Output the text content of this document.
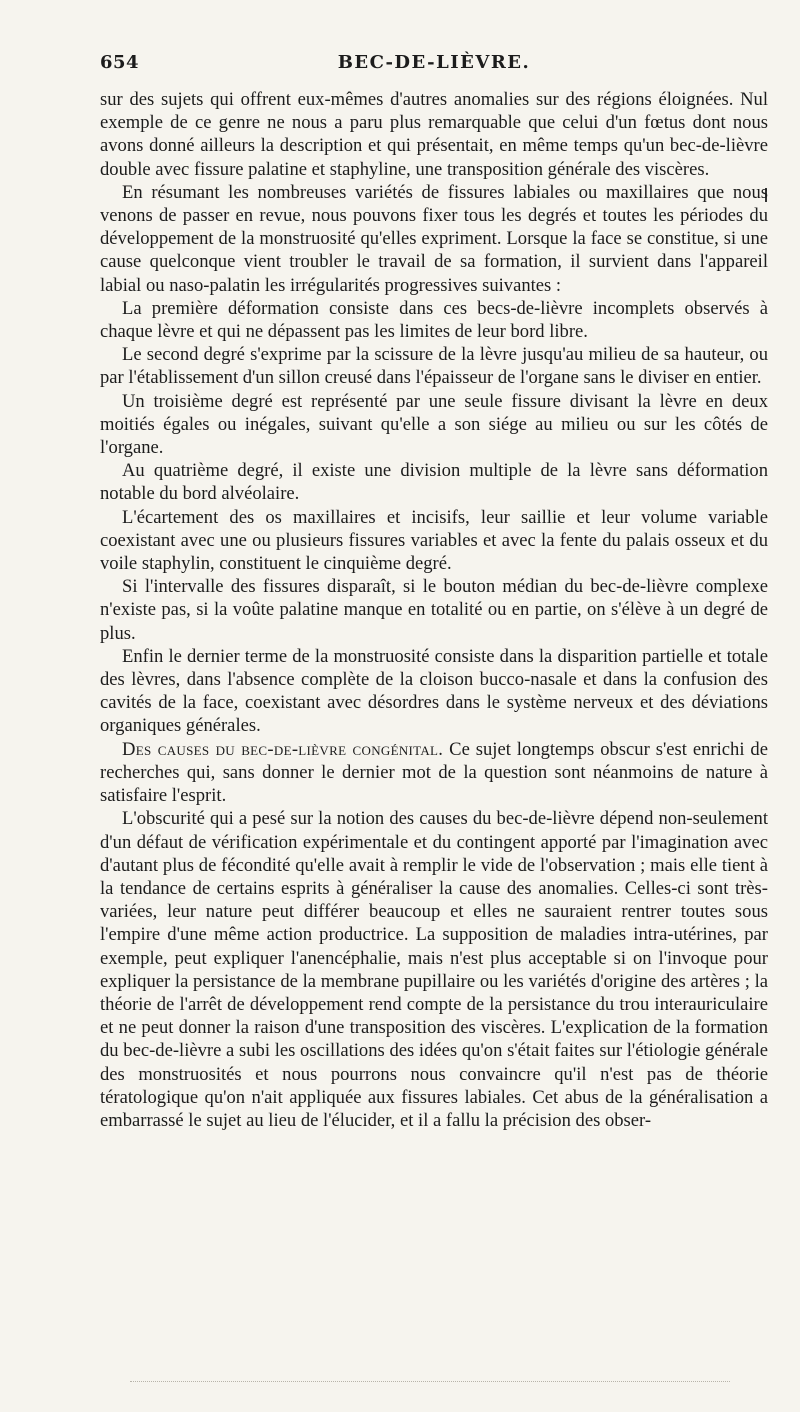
654	BEC-DE-LIÈVRE.

sur des sujets qui offrent eux-mêmes d'autres anomalies sur des régions éloignées. Nul exemple de ce genre ne nous a paru plus remarquable que celui d'un fœtus dont nous avons donné ailleurs la description et qui présentait, en même temps qu'un bec-de-lièvre double avec fissure palatine et staphyline, une transposition générale des viscères.

En résumant les nombreuses variétés de fissures labiales ou maxillaires que nous venons de passer en revue, nous pouvons fixer tous les degrés et toutes les périodes du développement de la monstruosité qu'elles expriment. Lorsque la face se constitue, si une cause quelconque vient troubler le travail de sa formation, il survient dans l'appareil labial ou naso-palatin les irrégularités progressives suivantes :

La première déformation consiste dans ces becs-de-lièvre incomplets observés à chaque lèvre et qui ne dépassent pas les limites de leur bord libre.

Le second degré s'exprime par la scissure de la lèvre jusqu'au milieu de sa hauteur, ou par l'établissement d'un sillon creusé dans l'épaisseur de l'organe sans le diviser en entier.

Un troisième degré est représenté par une seule fissure divisant la lèvre en deux moitiés égales ou inégales, suivant qu'elle a son siége au milieu ou sur les côtés de l'organe.

Au quatrième degré, il existe une division multiple de la lèvre sans déformation notable du bord alvéolaire.

L'écartement des os maxillaires et incisifs, leur saillie et leur volume variable coexistant avec une ou plusieurs fissures variables et avec la fente du palais osseux et du voile staphylin, constituent le cinquième degré.

Si l'intervalle des fissures disparaît, si le bouton médian du bec-de-lièvre complexe n'existe pas, si la voûte palatine manque en totalité ou en partie, on s'élève à un degré de plus.

Enfin le dernier terme de la monstruosité consiste dans la disparition partielle et totale des lèvres, dans l'absence complète de la cloison bucco-nasale et dans la confusion des cavités de la face, coexistant avec désordres dans le système nerveux et des déviations organiques générales.

Des causes du bec-de-lièvre congénital. Ce sujet longtemps obscur s'est enrichi de recherches qui, sans donner le dernier mot de la question sont néanmoins de nature à satisfaire l'esprit.

L'obscurité qui a pesé sur la notion des causes du bec-de-lièvre dépend non-seulement d'un défaut de vérification expérimentale et du contingent apporté par l'imagination avec d'autant plus de fécondité qu'elle avait à remplir le vide de l'observation ; mais elle tient à la tendance de certains esprits à généraliser la cause des anomalies. Celles-ci sont très-variées, leur nature peut différer beaucoup et elles ne sauraient rentrer toutes sous l'empire d'une même action productrice. La supposition de maladies intra-utérines, par exemple, peut expliquer l'anencéphalie, mais n'est plus acceptable si on l'invoque pour expliquer la persistance de la membrane pupillaire ou les variétés d'origine des artères ; la théorie de l'arrêt de développement rend compte de la persistance du trou interauriculaire et ne peut donner la raison d'une transposition des viscères. L'explication de la formation du bec-de-lièvre a subi les oscillations des idées qu'on s'était faites sur l'étiologie générale des monstruosités et nous pourrons nous convaincre qu'il n'est pas de théorie tératologique qu'on n'ait appliquée aux fissures labiales. Cet abus de la généralisation a embarrassé le sujet au lieu de l'élucider, et il a fallu la précision des obser-
